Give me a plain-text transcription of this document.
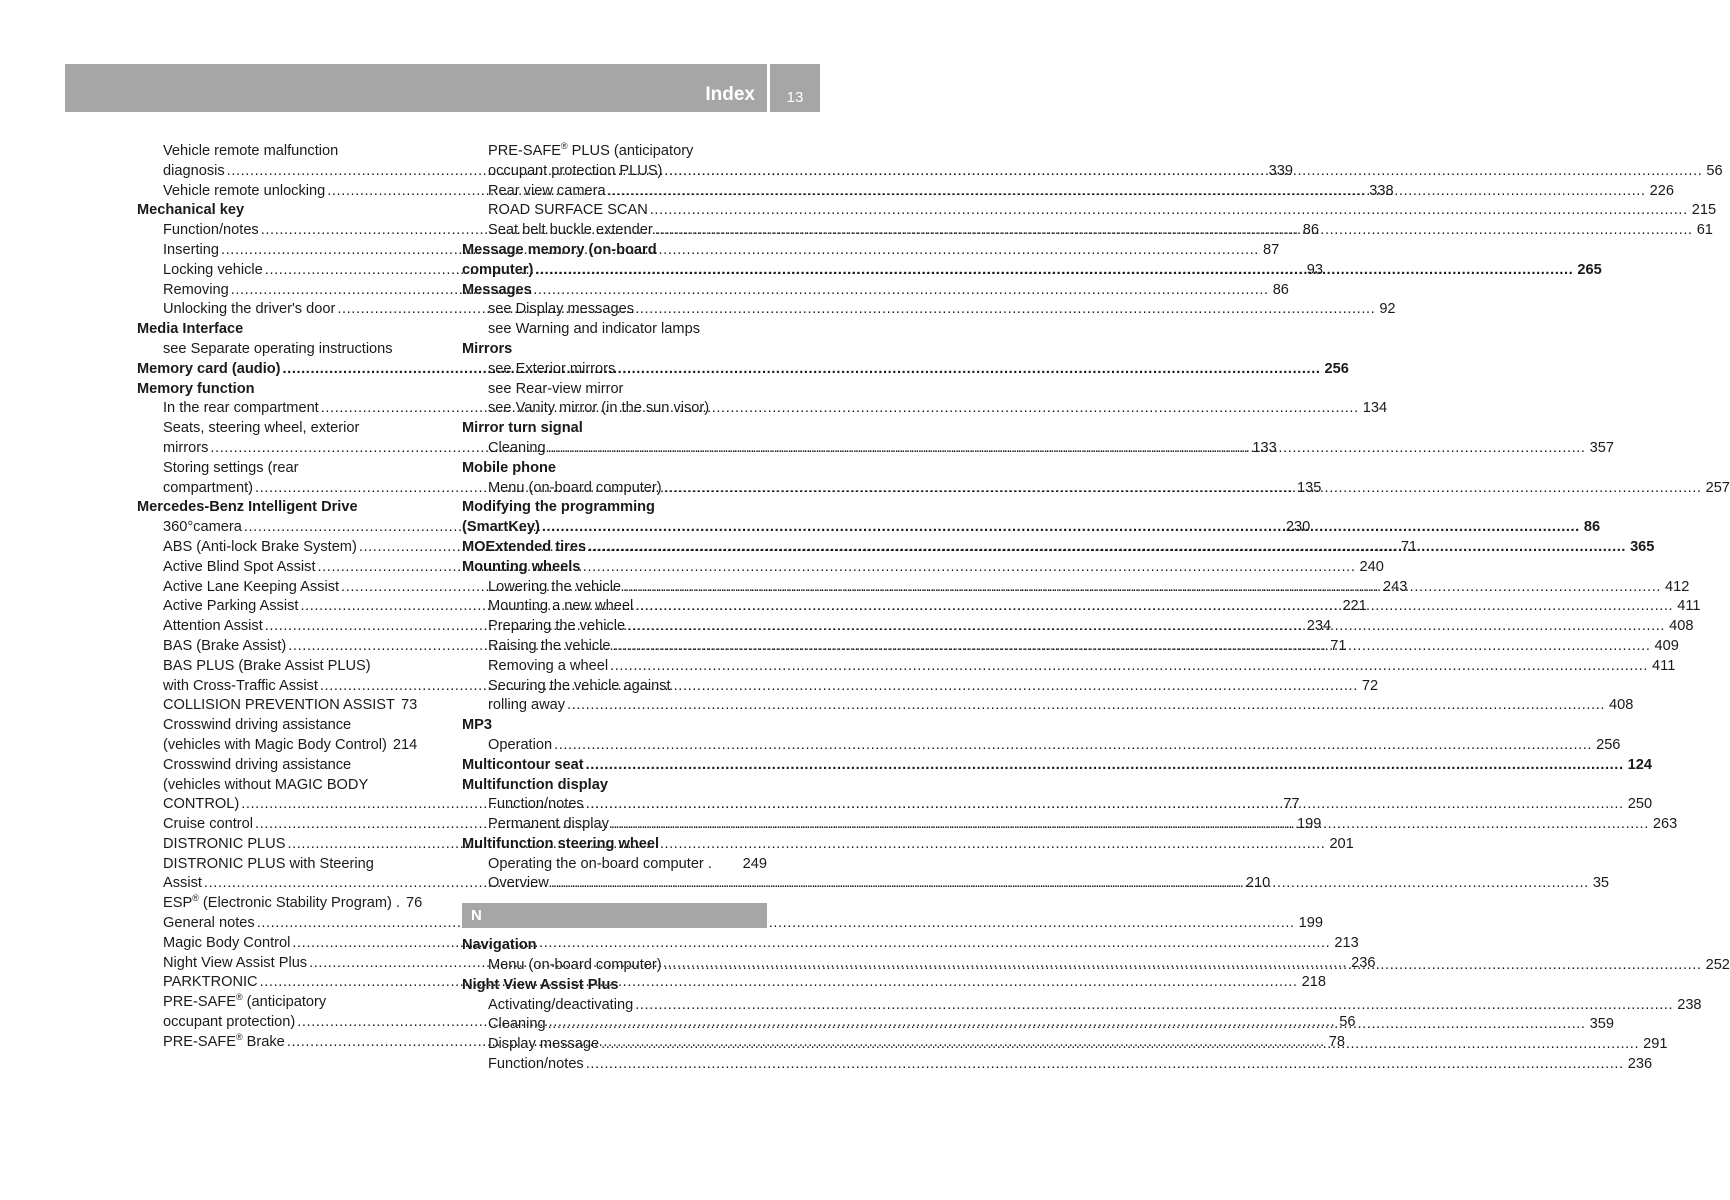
Index	13
Vehicle remote malfunction
diagnosis .....	339
Vehicle remote unlocking .....	338
Mechanical key
Function/notes .....	86
Inserting .....	87
Locking vehicle .....	93
Removing .....	86
Unlocking the driver's door .....	92
Media Interface
see Separate operating instructions
Memory card (audio) .....	256
Memory function
In the rear compartment .....	134
Seats, steering wheel, exterior
mirrors .....	133
Storing settings (rear
compartment) .....	135
Mercedes-Benz Intelligent Drive
360°camera .....	230
ABS (Anti-lock Brake System) .....	71
Active Blind Spot Assist .....	240
Active Lane Keeping Assist .....	243
Active Parking Assist .....	221
Attention Assist .....	234
BAS (Brake Assist) .....	71
BAS PLUS (Brake Assist PLUS)
with Cross-Traffic Assist .....	72
COLLISION PREVENTION ASSIST 73
Crosswind driving assistance
(vehicles with Magic Body Control) 214
Crosswind driving assistance
(vehicles without MAGIC BODY
CONTROL) .....	77
Cruise control .....	199
DISTRONIC PLUS .....	201
DISTRONIC PLUS with Steering
Assist .....	210
ESP® (Electronic Stability Program) . 76
General notes .....	199
Magic Body Control .....	213
Night View Assist Plus .....	236
PARKTRONIC .....	218
PRE-SAFE® (anticipatory
occupant protection) .....	56
PRE-SAFE® Brake .....	78
PRE-SAFE® PLUS (anticipatory
occupant protection PLUS) .....	56
Rear view camera .....	226
ROAD SURFACE SCAN .....	215
Seat belt buckle extender .....	61
Message memory (on-board
computer) .....	265
Messages
see Display messages
see Warning and indicator lamps
Mirrors
see Exterior mirrors
see Rear-view mirror
see Vanity mirror (in the sun visor)
Mirror turn signal
Cleaning .....	357
Mobile phone
Menu (on-board computer) .....	257
Modifying the programming
(SmartKey) .....	86
MOExtended tires .....	365
Mounting wheels
Lowering the vehicle .....	412
Mounting a new wheel .....	411
Preparing the vehicle .....	408
Raising the vehicle .....	409
Removing a wheel .....	411
Securing the vehicle against
rolling away .....	408
MP3
Operation .....	256
Multicontour seat .....	124
Multifunction display
Function/notes .....	250
Permanent display .....	263
Multifunction steering wheel
Operating the on-board computer . 249
Overview .....	35
N
Navigation
Menu (on-board computer) .....	252
Night View Assist Plus
Activating/deactivating .....	238
Cleaning .....	359
Display message .....	291
Function/notes .....	236
